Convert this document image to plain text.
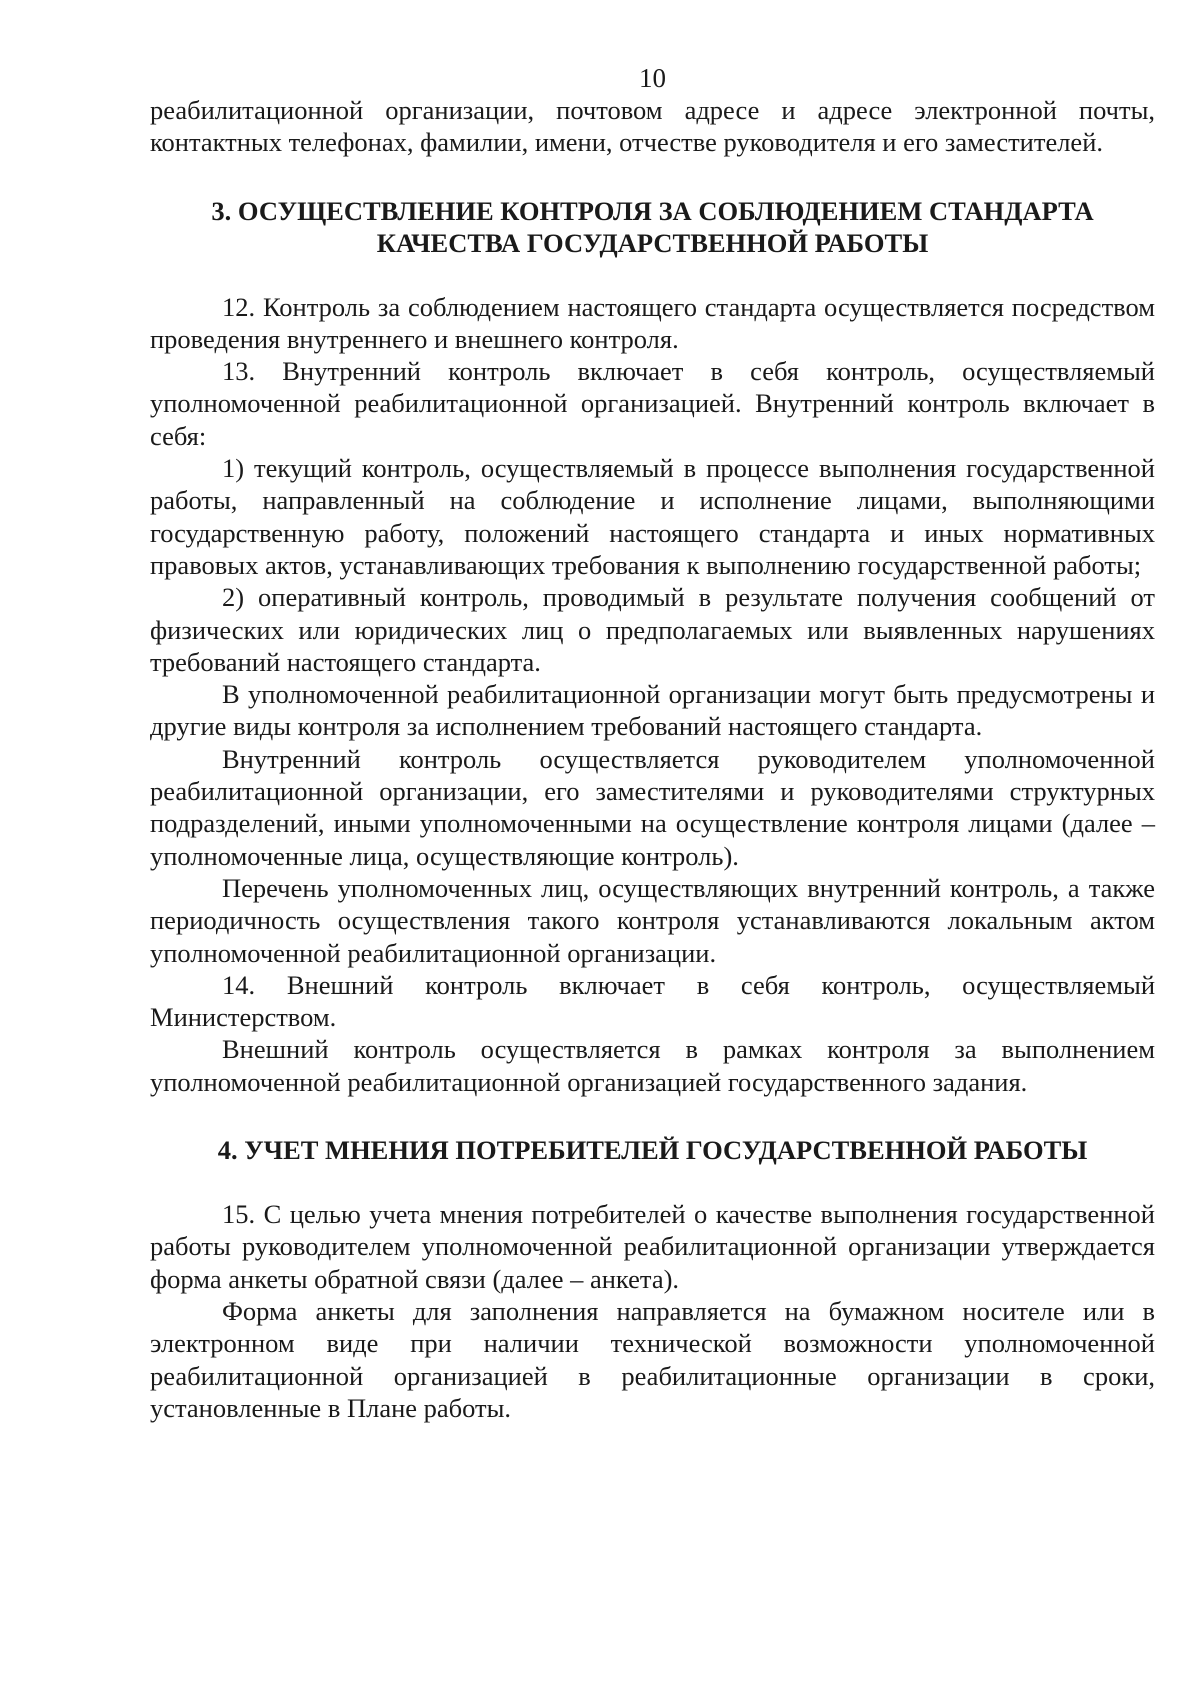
10

реабилитационной организации, почтовом адресе и адресе электронной почты, контактных телефонах, фамилии, имени, отчестве руководителя и его заместителей.

3. ОСУЩЕСТВЛЕНИЕ КОНТРОЛЯ ЗА СОБЛЮДЕНИЕМ СТАНДАРТА

КАЧЕСТВА ГОСУДАРСТВЕННОЙ РАБОТЫ

12. Контроль за соблюдением настоящего стандарта осуществляется посредством проведения внутреннего и внешнего контроля.

13. Внутренний контроль включает в себя контроль, осуществляемый уполномоченной реабилитационной организацией. Внутренний контроль включает в себя:

1) текущий контроль, осуществляемый в процессе выполнения государственной работы, направленный на соблюдение и исполнение лицами, выполняющими государственную работу, положений настоящего стандарта и иных нормативных правовых актов, устанавливающих требования к выполнению государственной работы;

2) оперативный контроль, проводимый в результате получения сообщений от физических или юридических лиц о предполагаемых или выявленных нарушениях требований настоящего стандарта.

В уполномоченной реабилитационной организации могут быть предусмотрены и другие виды контроля за исполнением требований настоящего стандарта.

Внутренний контроль осуществляется руководителем уполномоченной реабилитационной организации, его заместителями и руководителями структурных подразделений, иными уполномоченными на осуществление контроля лицами (далее – уполномоченные лица, осуществляющие контроль).

Перечень уполномоченных лиц, осуществляющих внутренний контроль, а также периодичность осуществления такого контроля устанавливаются локальным актом уполномоченной реабилитационной организации.

14. Внешний контроль включает в себя контроль, осуществляемый Министерством.

Внешний контроль осуществляется в рамках контроля за выполнением уполномоченной реабилитационной организацией государственного задания.

4. УЧЕТ МНЕНИЯ ПОТРЕБИТЕЛЕЙ ГОСУДАРСТВЕННОЙ РАБОТЫ

15. С целью учета мнения потребителей о качестве выполнения государственной работы руководителем уполномоченной реабилитационной организации утверждается форма анкеты обратной связи (далее – анкета).

Форма анкеты для заполнения направляется на бумажном носителе или в электронном виде при наличии технической возможности уполномоченной реабилитационной организацией в реабилитационные организации в сроки, установленные в Плане работы.
